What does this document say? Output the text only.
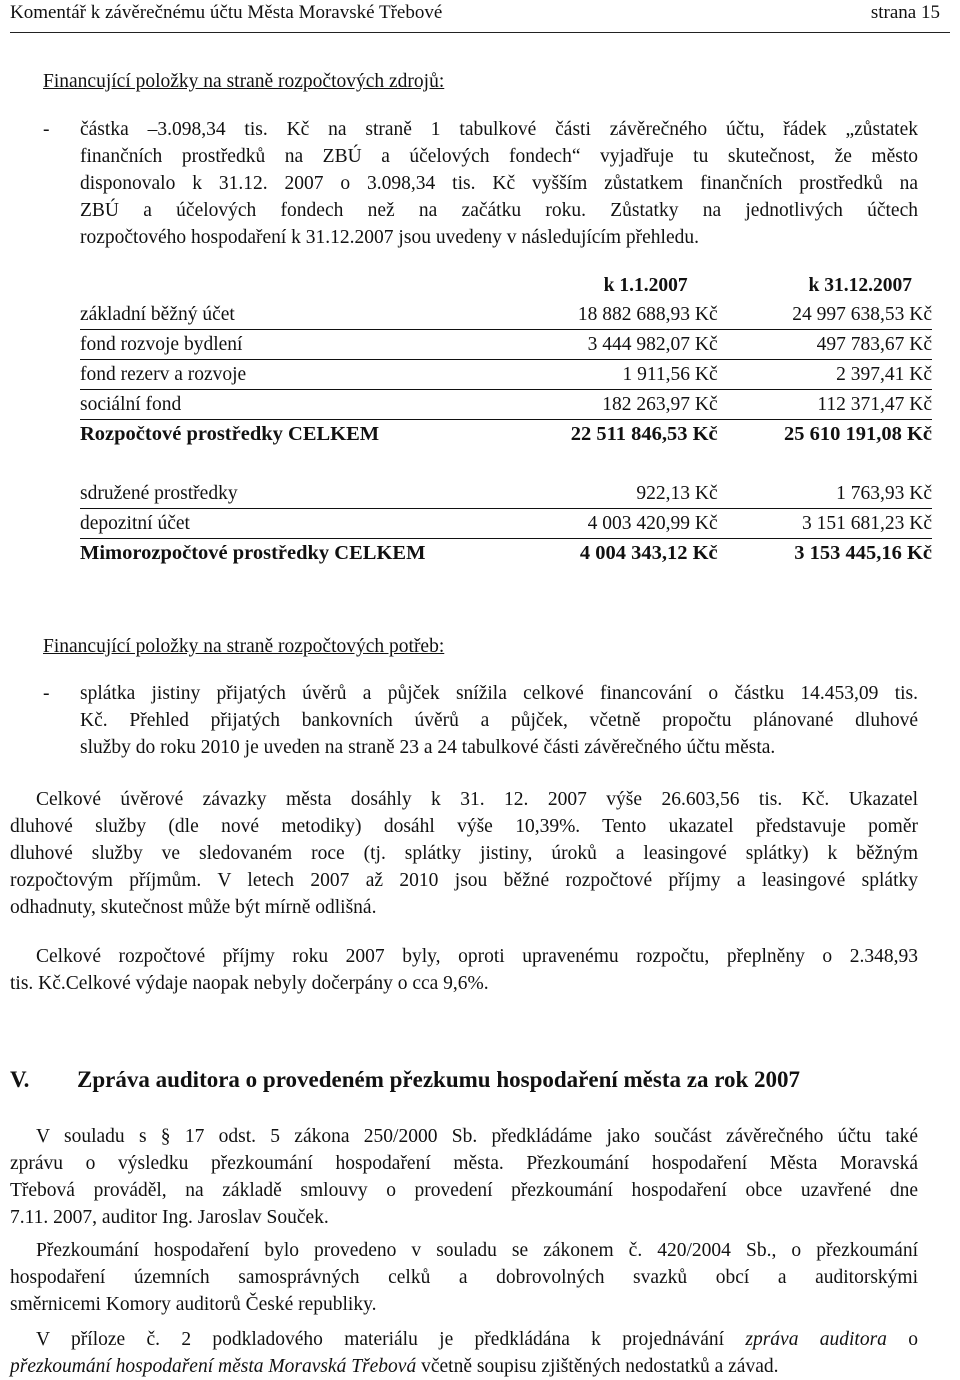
Komentář k závěrečnému účtu Města Moravské Třebové	strana 15
Financující položky na straně rozpočtových zdrojů:
- částka –3.098,34 tis. Kč na straně 1 tabulkové části závěrečného účtu, řádek „zůstatek
finančních prostředků na ZBÚ a účelových fondech“ vyjadřuje tu skutečnost, že město
disponovalo k 31.12. 2007 o 3.098,34 tis. Kč vyšším zůstatkem finančních prostředků na
ZBÚ a účelových fondech než na začátku roku. Zůstatky na jednotlivých účtech
rozpočtového hospodaření k 31.12.2007 jsou uvedeny v následujícím přehledu.
	k 1.1.2007	k 31.12.2007
základní běžný účet	18 882 688,93 Kč	24 997 638,53 Kč
fond rozvoje bydlení	3 444 982,07 Kč	497 783,67 Kč
fond rezerv a rozvoje	1 911,56 Kč	2 397,41 Kč
sociální fond	182 263,97 Kč	112 371,47 Kč
Rozpočtové prostředky CELKEM	22 511 846,53 Kč	25 610 191,08 Kč

sdružené prostředky	922,13 Kč	1 763,93 Kč
depozitní účet	4 003 420,99 Kč	3 151 681,23 Kč
Mimorozpočtové prostředky CELKEM	4 004 343,12 Kč	3 153 445,16 Kč
Financující položky na straně rozpočtových potřeb:
- splátka jistiny přijatých úvěrů a půjček snížila celkové financování o částku 14.453,09 tis.
Kč. Přehled přijatých bankovních úvěrů a půjček, včetně propočtu plánované dluhové
služby do roku 2010 je uveden na straně 23 a 24 tabulkové části závěrečného účtu města.
Celkové úvěrové závazky města dosáhly k 31. 12. 2007 výše 26.603,56 tis. Kč. Ukazatel
dluhové služby (dle nové metodiky) dosáhl výše 10,39%. Tento ukazatel představuje poměr
dluhové služby ve sledovaném roce (tj. splátky jistiny, úroků a leasingové splátky) k běžným
rozpočtovým příjmům. V letech 2007 až 2010 jsou běžné rozpočtové příjmy a leasingové splátky
odhadnuty, skutečnost může být mírně odlišná.
Celkové rozpočtové příjmy roku 2007 byly, oproti upravenému rozpočtu, přeplněny o 2.348,93
tis. Kč.Celkové výdaje naopak nebyly dočerpány o cca 9,6%.
V. Zpráva auditora o provedeném přezkumu hospodaření města za rok 2007
V souladu s § 17 odst. 5 zákona 250/2000 Sb. předkládáme jako součást závěrečného účtu také
zprávu o výsledku přezkoumání hospodaření města. Přezkoumání hospodaření Města Moravská
Třebová prováděl, na základě smlouvy o provedení přezkoumání hospodaření obce uzavřené dne
7.11. 2007, auditor Ing. Jaroslav Souček.
Přezkoumání hospodaření bylo provedeno v souladu se zákonem č. 420/2004 Sb., o přezkoumání
hospodaření územních samosprávných celků a dobrovolných svazků obcí a auditorskými
směrnicemi Komory auditorů České republiky.
V příloze č. 2 podkladového materiálu je předkládána k projednávání zpráva auditora o
přezkoumání hospodaření města Moravská Třebová včetně soupisu zjištěných nedostatků a závad.
